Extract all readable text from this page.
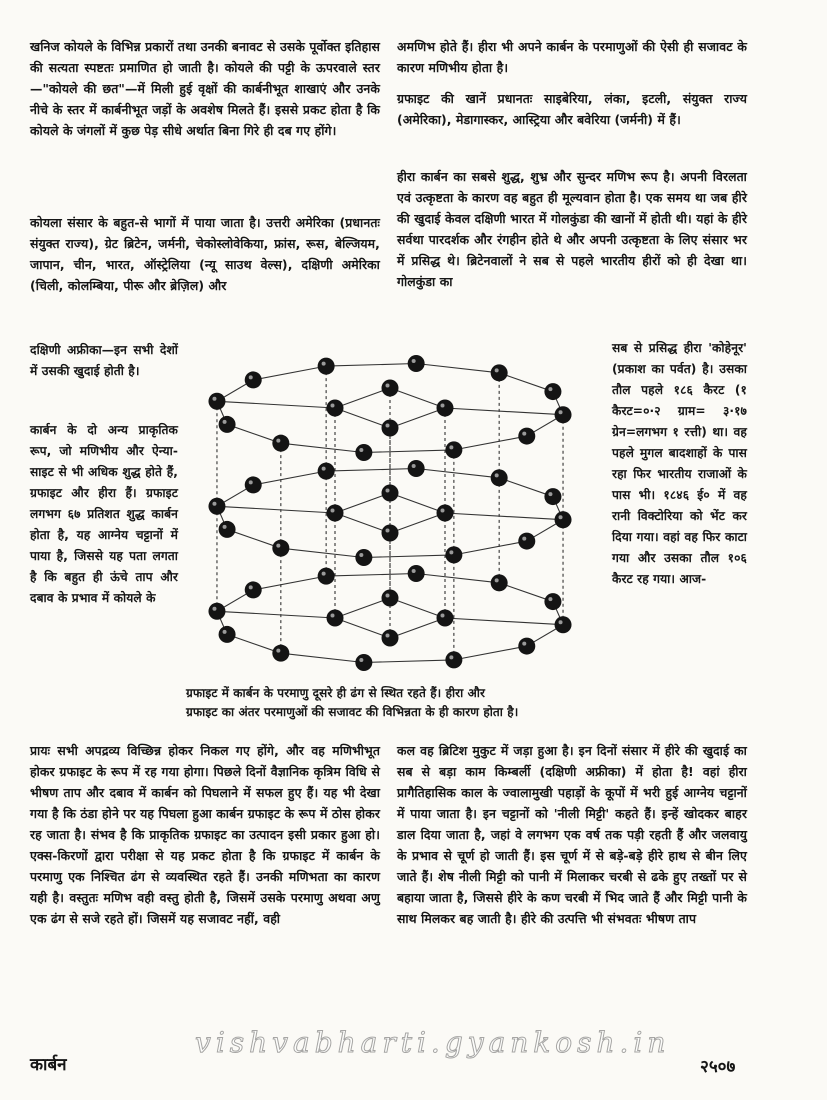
खनिज कोयले के विभिन्न प्रकारों तथा उनकी बनावट से उसके पूर्वोक्त इतिहास की सत्यता स्पष्टतः प्रमाणित हो जाती है। कोयले की पट्टी के ऊपरवाले स्तर—"कोयले की छत"—में मिली हुई वृक्षों की कार्बनीभूत शाखाएं और उनके नीचे के स्तर में कार्बनीभूत जड़ों के अवशेष मिलते हैं। इससे प्रकट होता है कि कोयले के जंगलों में कुछ पेड़ सीधे अर्थात बिना गिरे ही दब गए होंगे।

कोयला संसार के बहुत-से भागों में पाया जाता है। उत्तरी अमेरिका (प्रधानतः संयुक्त राज्य), ग्रेट ब्रिटेन, जर्मनी, चेकोस्लोवेकिया, फ्रांस, रूस, बेल्जियम, जापान, चीन, भारत, ऑस्ट्रेलिया (न्यू साउथ वेल्स), दक्षिणी अमेरिका (चिली, कोलम्बिया, पीरू और ब्रेज़िल) और

दक्षिणी अफ्रीका—इन सभी देशों में उसकी खुदाई होती है।

कार्बन के दो अन्य प्राकृतिक रूप, जो मणिभीय और ऐन्या-साइट से भी अधिक शुद्ध होते हैं, ग्रफाइट और हीरा हैं। ग्रफाइट लगभग ६७ प्रतिशत शुद्ध कार्बन होता है, यह आग्नेय चट्टानों में पाया है, जिससे यह पता लगता है कि बहुत ही ऊंचे ताप और दबाव के प्रभाव में कोयले के

प्रायः सभी अपद्रव्य विच्छिन्न होकर निकल गए होंगे, और वह मणिभीभूत होकर ग्रफाइट के रूप में रह गया होगा। पिछले दिनों वैज्ञानिक कृत्रिम विधि से भीषण ताप और दबाव में कार्बन को पिघलाने में सफल हुए हैं। यह भी देखा गया है कि ठंडा होने पर यह पिघला हुआ कार्बन ग्रफाइट के रूप में ठोस होकर रह जाता है। संभव है कि प्राकृतिक ग्रफाइट का उत्पादन इसी प्रकार हुआ हो। एक्स-किरणों द्वारा परीक्षा से यह प्रकट होता है कि ग्रफाइट में कार्बन के परमाणु एक निश्चित ढंग से व्यवस्थित रहते हैं। उनकी मणिभता का कारण यही है। वस्तुतः मणिभ वही वस्तु होती है, जिसमें उसके परमाणु अथवा अणु एक ढंग से सजे रहते हों। जिसमें यह सजावट नहीं, वही

अमणिभ होते हैं। हीरा भी अपने कार्बन के परमाणुओं की ऐसी ही सजावट के कारण मणिभीय होता है।

ग्रफाइट की खानें प्रधानतः साइबेरिया, लंका, इटली, संयुक्त राज्य (अमेरिका), मेडागास्कर, आस्ट्रिया और बवेरिया (जर्मनी) में हैं।

हीरा कार्बन का सबसे शुद्ध, शुभ्र और सुन्दर मणिभ रूप है। अपनी विरलता एवं उत्कृष्टता के कारण वह बहुत ही मूल्यवान होता है। एक समय था जब हीरे की खुदाई केवल दक्षिणी भारत में गोलकुंडा की खानों में होती थी। यहां के हीरे सर्वथा पारदर्शक और रंगहीन होते थे और अपनी उत्कृष्टता के लिए संसार भर में प्रसिद्ध थे। ब्रिटेनवालों ने सब से पहले भारतीय हीरों को ही देखा था। गोलकुंडा का

सब से प्रसिद्ध हीरा 'कोहेनूर' (प्रकाश का पर्वत) है। उसका तौल पहले १८६ कैरट (१ कैरट=०·२ ग्राम= ३·१७ ग्रेन=लगभग १ रत्ती) था। वह पहले मुगल बादशाहों के पास रहा फिर भारतीय राजाओं के पास भी। १८४६ ई० में वह रानी विक्टोरिया को भेंट कर दिया गया। वहां वह फिर काटा गया और उसका तौल १०६ कैरट रह गया। आज-

कल वह ब्रिटिश मुकुट में जड़ा हुआ है। इन दिनों संसार में हीरे की खुदाई का सब से बड़ा काम किम्बर्ली (दक्षिणी अफ्रीका) में होता है! वहां हीरा प्रागैतिहासिक काल के ज्वालामुखी पहाड़ों के कूपों में भरी हुई आग्नेय चट्टानों में पाया जाता है। इन चट्टानों को 'नीली मिट्टी' कहते हैं। इन्हें खोदकर बाहर डाल दिया जाता है, जहां वे लगभग एक वर्ष तक पड़ी रहती हैं और जलवायु के प्रभाव से चूर्ण हो जाती हैं। इस चूर्ण में से बड़े-बड़े हीरे हाथ से बीन लिए जाते हैं। शेष नीली मिट्टी को पानी में मिलाकर चरबी से ढके हुए तख्तों पर से बहाया जाता है, जिससे हीरे के कण चरबी में भिद जाते हैं और मिट्टी पानी के साथ मिलकर बह जाती है। हीरे की उत्पत्ति भी संभवतः भीषण ताप

ग्रफाइट में कार्बन के परमाणु दूसरे ही ढंग से स्थित रहते हैं। हीरा और

ग्रफाइट का अंतर परमाणुओं की सजावट की विभिन्नता के ही कारण होता है।

कार्बन
vishvabharti.gyankosh.in
२५०७
